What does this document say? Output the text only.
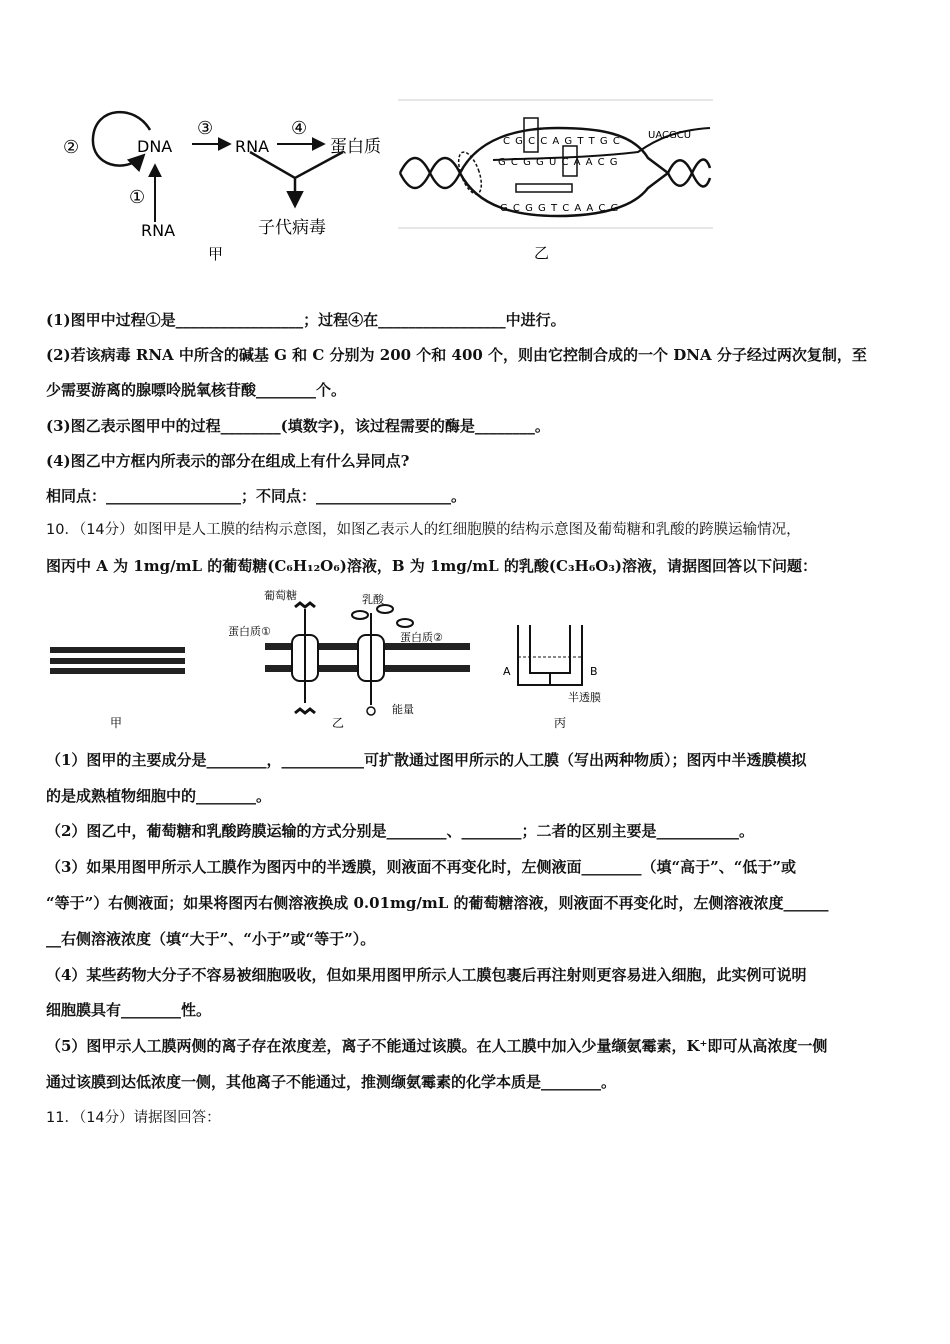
②	DNA
③
RNA
④
蛋白质
①
RNA	子代病毒
甲
C G C C A G T T G C
G C G G U C A A C G
G C G G T C A A C G
UACGCU
乙
(1)图甲中过程①是_________________；过程④在_________________中进行。
(2)若该病毒 RNA 中所含的碱基 G 和 C 分别为 200 个和 400 个，则由它控制合成的一个 DNA 分子经过两次复制，至
少需要游离的腺嘌呤脱氧核苷酸________个。
(3)图乙表示图甲中的过程________(填数字)，该过程需要的酶是________。
(4)图乙中方框内所表示的部分在组成上有什么异同点?
相同点：__________________；不同点：__________________。
10．（14分）如图甲是人工膜的结构示意图，如图乙表示人的红细胞膜的结构示意图及葡萄糖和乳酸的跨膜运输情况，
图丙中 A 为 1mg/mL 的葡萄糖(C₆H₁₂O₆)溶液，B 为 1mg/mL 的乳酸(C₃H₆O₃)溶液，请据图回答以下问题：
甲
葡萄糖	乳酸
蛋白质①	蛋白质②
能量
乙
A	B
半透膜
丙
（1）图甲的主要成分是________，___________可扩散通过图甲所示的人工膜（写出两种物质）；图丙中半透膜模拟
的是成熟植物细胞中的________。
（2）图乙中，葡萄糖和乳酸跨膜运输的方式分别是________、________；二者的区别主要是___________。
（3）如果用图甲所示人工膜作为图丙中的半透膜，则液面不再变化时，左侧液面________（填“高于”、“低于”或
“等于”）右侧液面；如果将图丙右侧溶液换成 0.01mg/mL 的葡萄糖溶液，则液面不再变化时，左侧溶液浓度______
__右侧溶液浓度（填“大于”、“小于”或“等于”）。
（4）某些药物大分子不容易被细胞吸收，但如果用图甲所示人工膜包裹后再注射则更容易进入细胞，此实例可说明
细胞膜具有________性。
（5）图甲示人工膜两侧的离子存在浓度差，离子不能通过该膜。在人工膜中加入少量缬氨霉素，K⁺即可从高浓度一侧
通过该膜到达低浓度一侧，其他离子不能通过，推测缬氨霉素的化学本质是________。
11．（14分）请据图回答：
